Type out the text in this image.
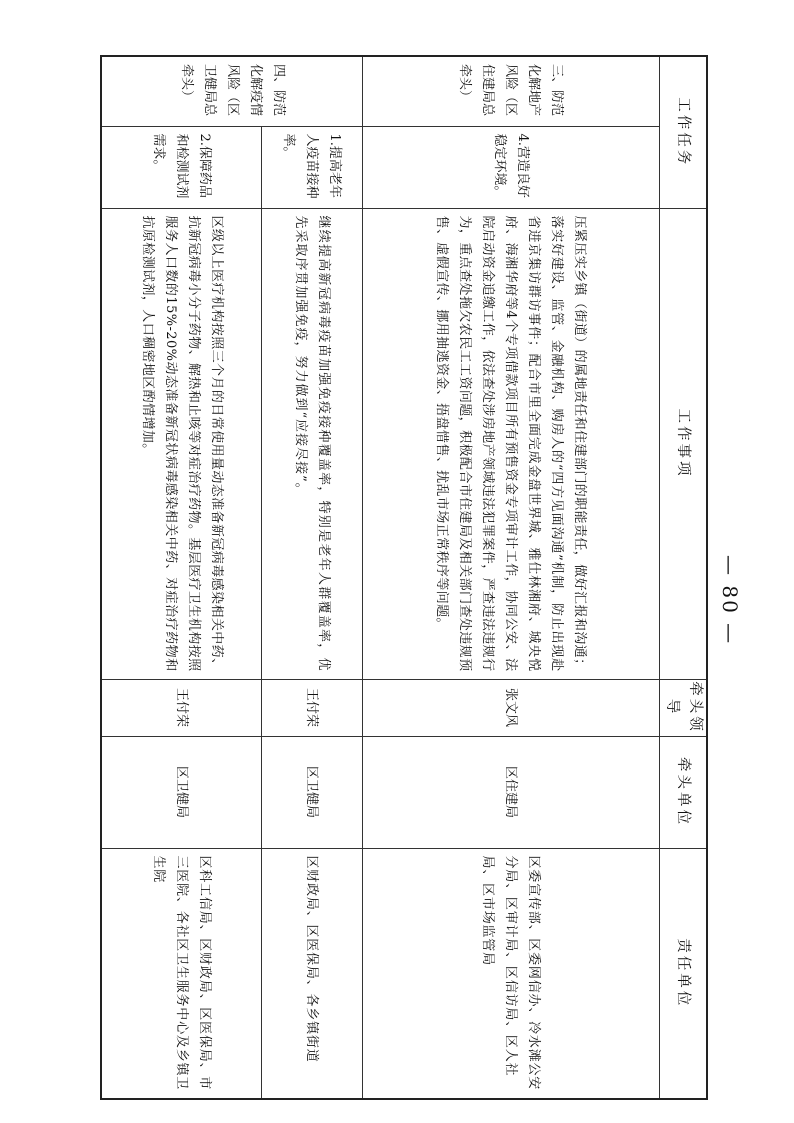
— 80 —
工作任务		工作事项	牵头领导	牵头单位	责任单位
三、防范化解地产风险（区住建局总牵头）	4.营造良好稳定环境。	压紧压实乡镇（街道）的属地责任和住建部门的职能责任，做好汇报和沟通；落实好建设、监管、金融机构、购房人的“四方见面沟通”机制，防止出现赴省进京集访群访事件；配合市里全面完成金盘世界城、雅仕林湘府、城央悦府、海湘华府等4个专项借款项目所有预售资金专项审计工作，协同公安、法院启动资金追缴工作，依法查处涉房地产领域违法犯罪案件，严查违法违规行为，重点查处拖欠农民工工资问题，积极配合市住建局及相关部门查处违规预售、虚假宣传、挪用抽逃资金、捂盘惜售、扰乱市场正常秩序等问题。	张文风	区住建局	区委宣传部、区委网信办、冷水滩公安分局、区审计局、区信访局、区人社局、区市场监管局
四、防范化解疫情风险（区卫健局总牵头）	1.提高老年人疫苗接种率。	继续提高新冠病毒疫苗加强免疫接种覆盖率，特别是老年人群覆盖率，优先采取序贯加强免疫，努力做到“应接尽接”。	王付荣	区卫健局	区财政局、区医保局、各乡镇街道
	2.保障药品和检测试剂需求。	区级以上医疗机构按照三个月的日常使用量动态准备新冠病毒感染相关中药、抗新冠病毒小分子药物、解热和止咳等对症治疗药物。基层医疗卫生机构按照服务人口数的15%-20%动态准备新冠状病毒感染相关中药、对症治疗药物和抗原检测试剂，人口稠密地区酌情增加。	王付荣	区卫健局	区科工信局、区财政局、区医保局、市三医院、各社区卫生服务中心及乡镇卫生院
